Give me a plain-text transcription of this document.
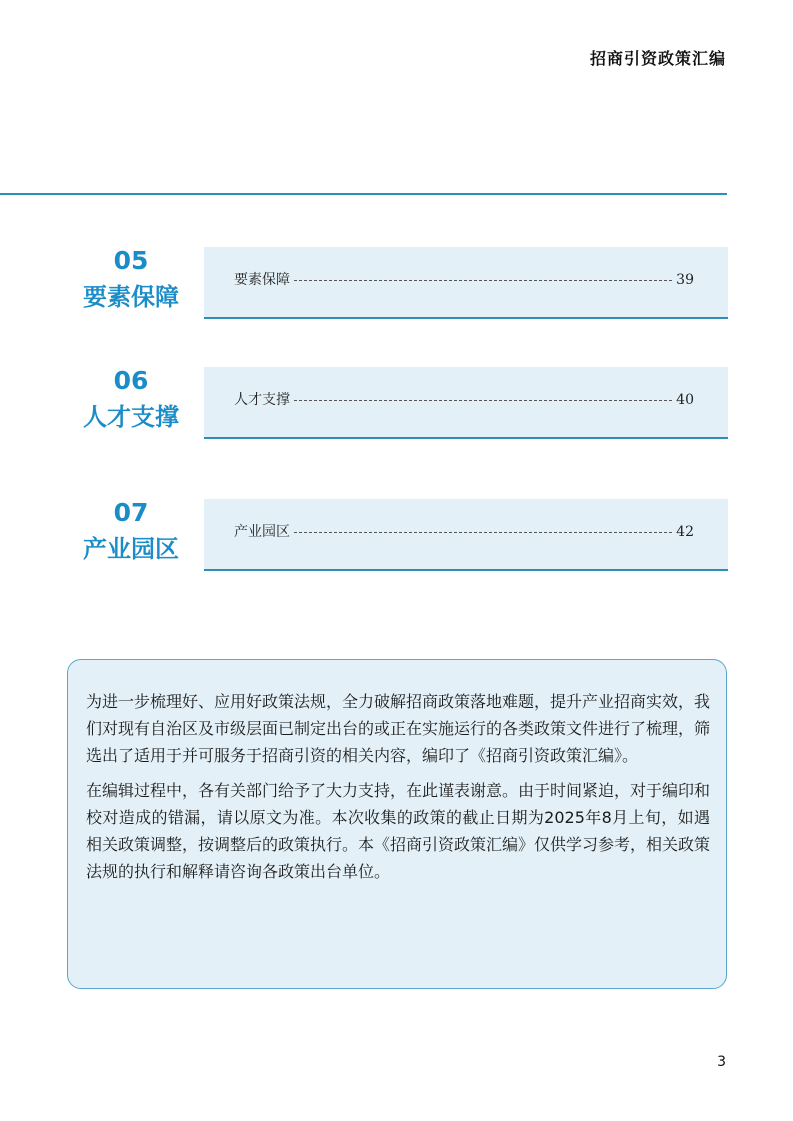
招商引资政策汇编
05
要素保障
要素保障	39
06
人才支撑
人才支撑	40
07
产业园区
产业园区	42

为进一步梳理好、应用好政策法规，全力破解招商政策落地难题，提升产业招商实效，我们对现有自治区及市级层面已制定出台的或正在实施运行的各类政策文件进行了梳理，筛选出了适用于并可服务于招商引资的相关内容，编印了《招商引资政策汇编》。

在编辑过程中，各有关部门给予了大力支持，在此谨表谢意。由于时间紧迫，对于编印和校对造成的错漏，请以原文为准。本次收集的政策的截止日期为2025年8月上旬，如遇相关政策调整，按调整后的政策执行。本《招商引资政策汇编》仅供学习参考，相关政策法规的执行和解释请咨询各政策出台单位。

3
